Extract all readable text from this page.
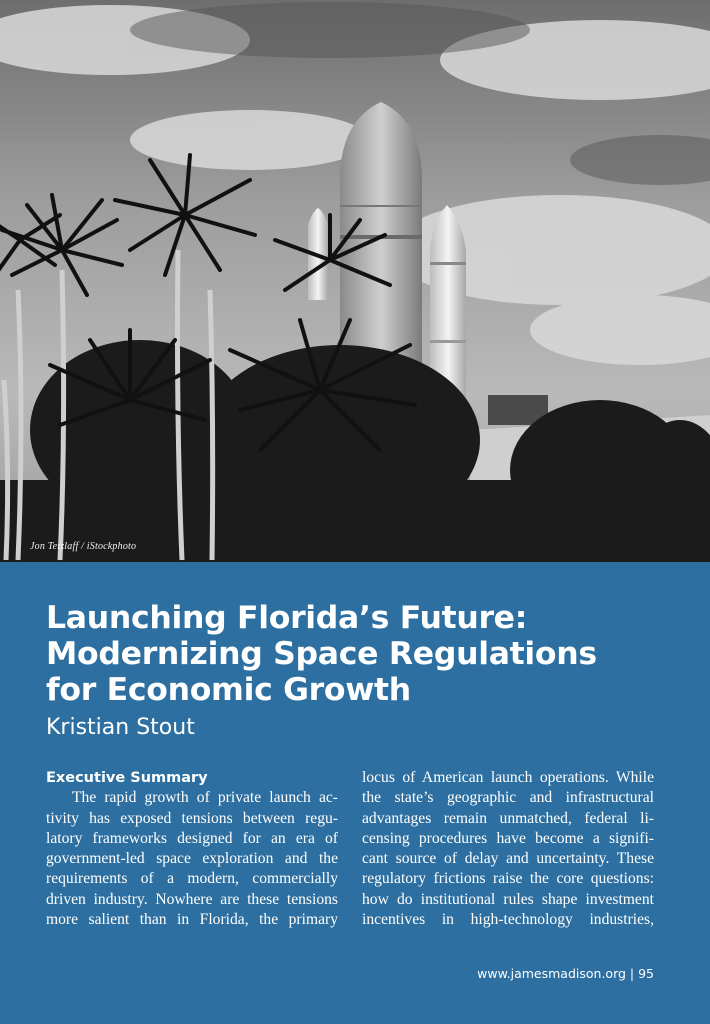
Jon Tetzlaff / iStockphoto
Launching Florida’s Future:
Modernizing Space Regulations
for Economic Growth
Kristian Stout
Executive Summary
The rapid growth of private launch ac-
tivity has exposed tensions between regu-
latory frameworks designed for an era of
government-led space exploration and the
requirements of a modern, commercially
driven industry. Nowhere are these tensions
more salient than in Florida, the primary
locus of American launch operations. While
the state’s geographic and infrastructural
advantages remain unmatched, federal li-
censing procedures have become a signifi-
cant source of delay and uncertainty. These
regulatory frictions raise the core questions:
how do institutional rules shape investment
incentives in high-technology industries,
www.jamesmadison.org | 95
